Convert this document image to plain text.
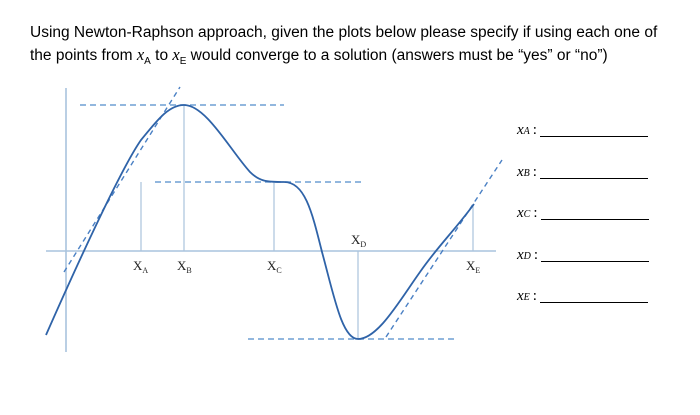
Using Newton-Raphson approach, given the plots below please specify if using each one of the points from $x_A$ to $x_E$ would converge to a solution (answers must be “yes” or “no”)
$X_A$ $X_B$	$X_C$
$X_D$
$X_E$
x A :
x B :
x C :
x D :
x E :
